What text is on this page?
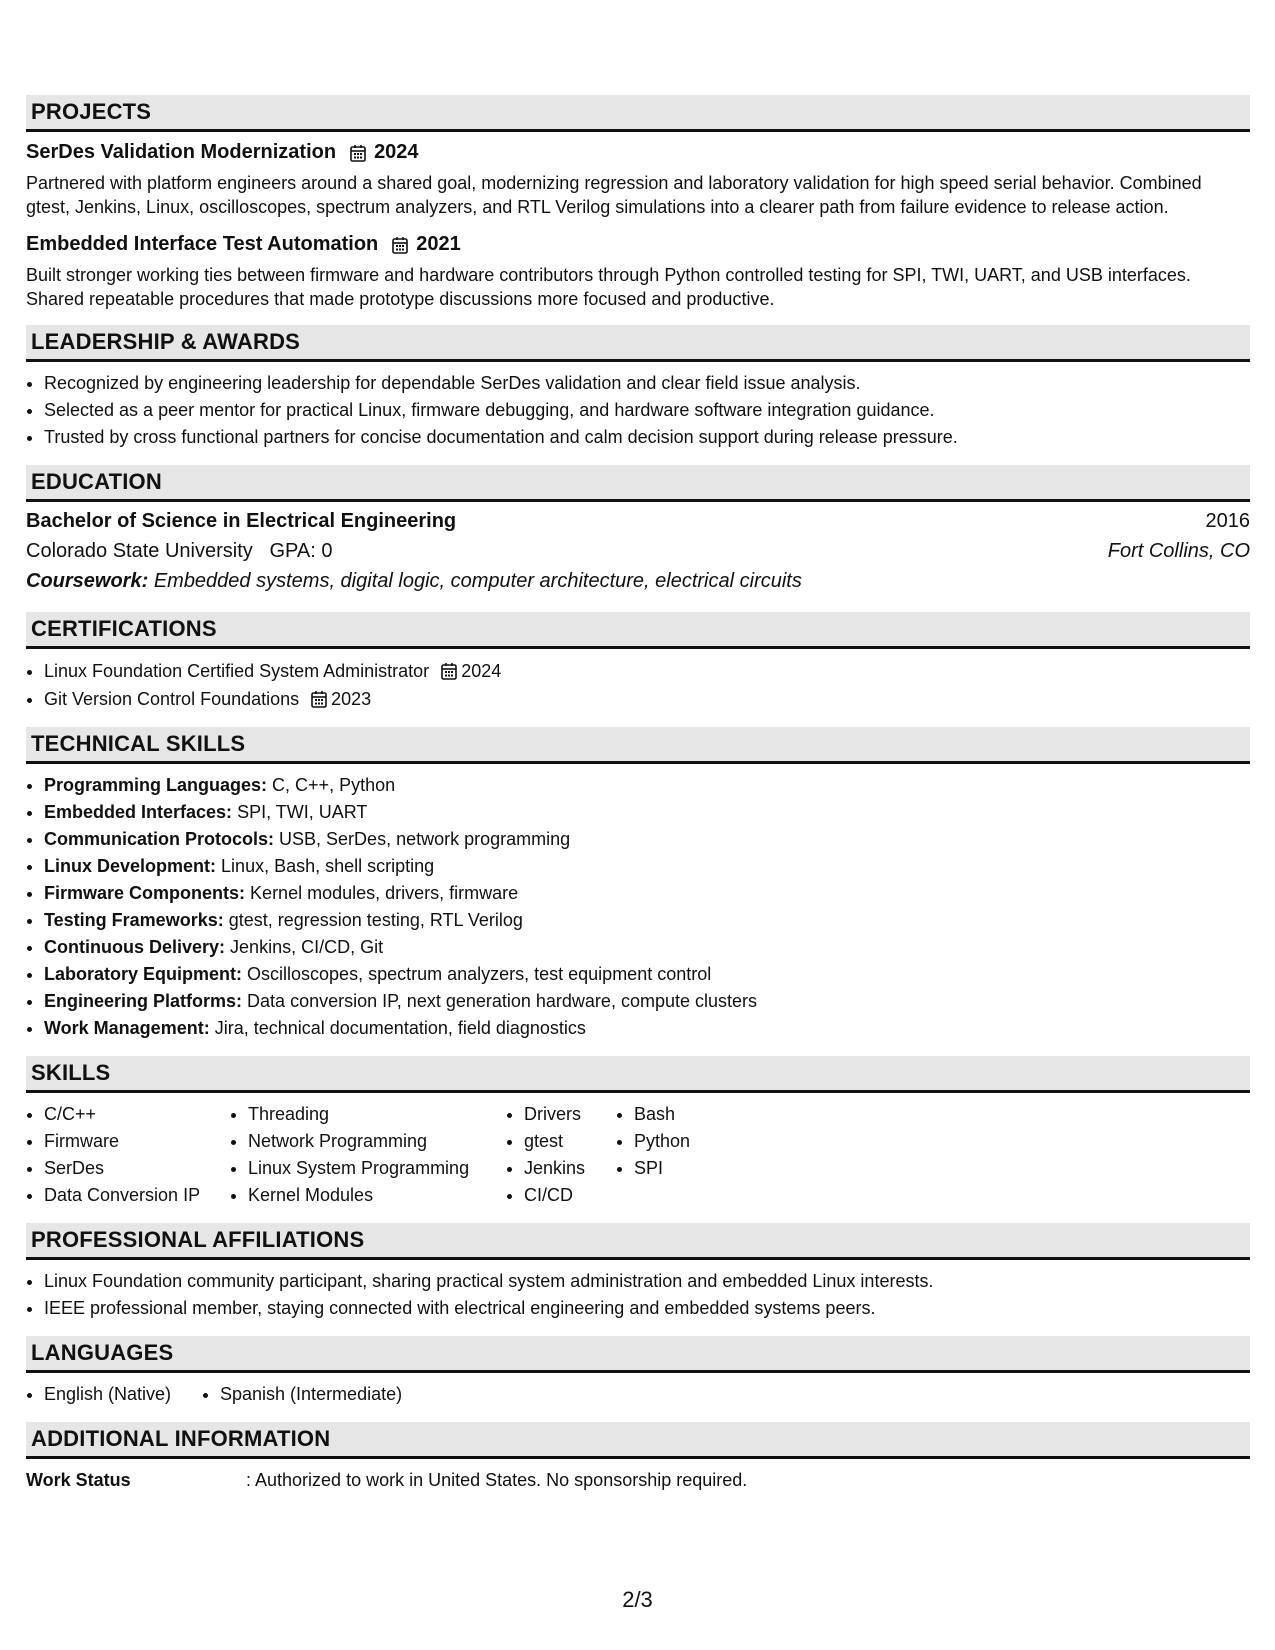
PROJECTS
SerDes Validation Modernization 2024
Partnered with platform engineers around a shared goal, modernizing regression and laboratory validation for high speed serial behavior. Combined gtest, Jenkins, Linux, oscilloscopes, spectrum analyzers, and RTL Verilog simulations into a clearer path from failure evidence to release action.
Embedded Interface Test Automation 2021
Built stronger working ties between firmware and hardware contributors through Python controlled testing for SPI, TWI, UART, and USB interfaces. Shared repeatable procedures that made prototype discussions more focused and productive.
LEADERSHIP & AWARDS
• Recognized by engineering leadership for dependable SerDes validation and clear field issue analysis.
• Selected as a peer mentor for practical Linux, firmware debugging, and hardware software integration guidance.
• Trusted by cross functional partners for concise documentation and calm decision support during release pressure.
EDUCATION
Bachelor of Science in Electrical Engineering	2016
Colorado State University GPA: 0	Fort Collins, CO
Coursework: Embedded systems, digital logic, computer architecture, electrical circuits
CERTIFICATIONS
• Linux Foundation Certified System Administrator 2024
• Git Version Control Foundations 2023
TECHNICAL SKILLS
• Programming Languages: C, C++, Python
• Embedded Interfaces: SPI, TWI, UART
• Communication Protocols: USB, SerDes, network programming
• Linux Development: Linux, Bash, shell scripting
• Firmware Components: Kernel modules, drivers, firmware
• Testing Frameworks: gtest, regression testing, RTL Verilog
• Continuous Delivery: Jenkins, CI/CD, Git
• Laboratory Equipment: Oscilloscopes, spectrum analyzers, test equipment control
• Engineering Platforms: Data conversion IP, next generation hardware, compute clusters
• Work Management: Jira, technical documentation, field diagnostics
SKILLS
• C/C++
• Firmware
• SerDes
• Data Conversion IP
• Threading
• Network Programming
• Linux System Programming
• Kernel Modules
• Drivers
• gtest
• Jenkins
• CI/CD
• Bash
• Python
• SPI
PROFESSIONAL AFFILIATIONS
• Linux Foundation community participant, sharing practical system administration and embedded Linux interests.
• IEEE professional member, staying connected with electrical engineering and embedded systems peers.
LANGUAGES
• English (Native)
•	Spanish (Intermediate)
ADDITIONAL INFORMATION
Work Status	: Authorized to work in United States. No sponsorship required.
2/3
